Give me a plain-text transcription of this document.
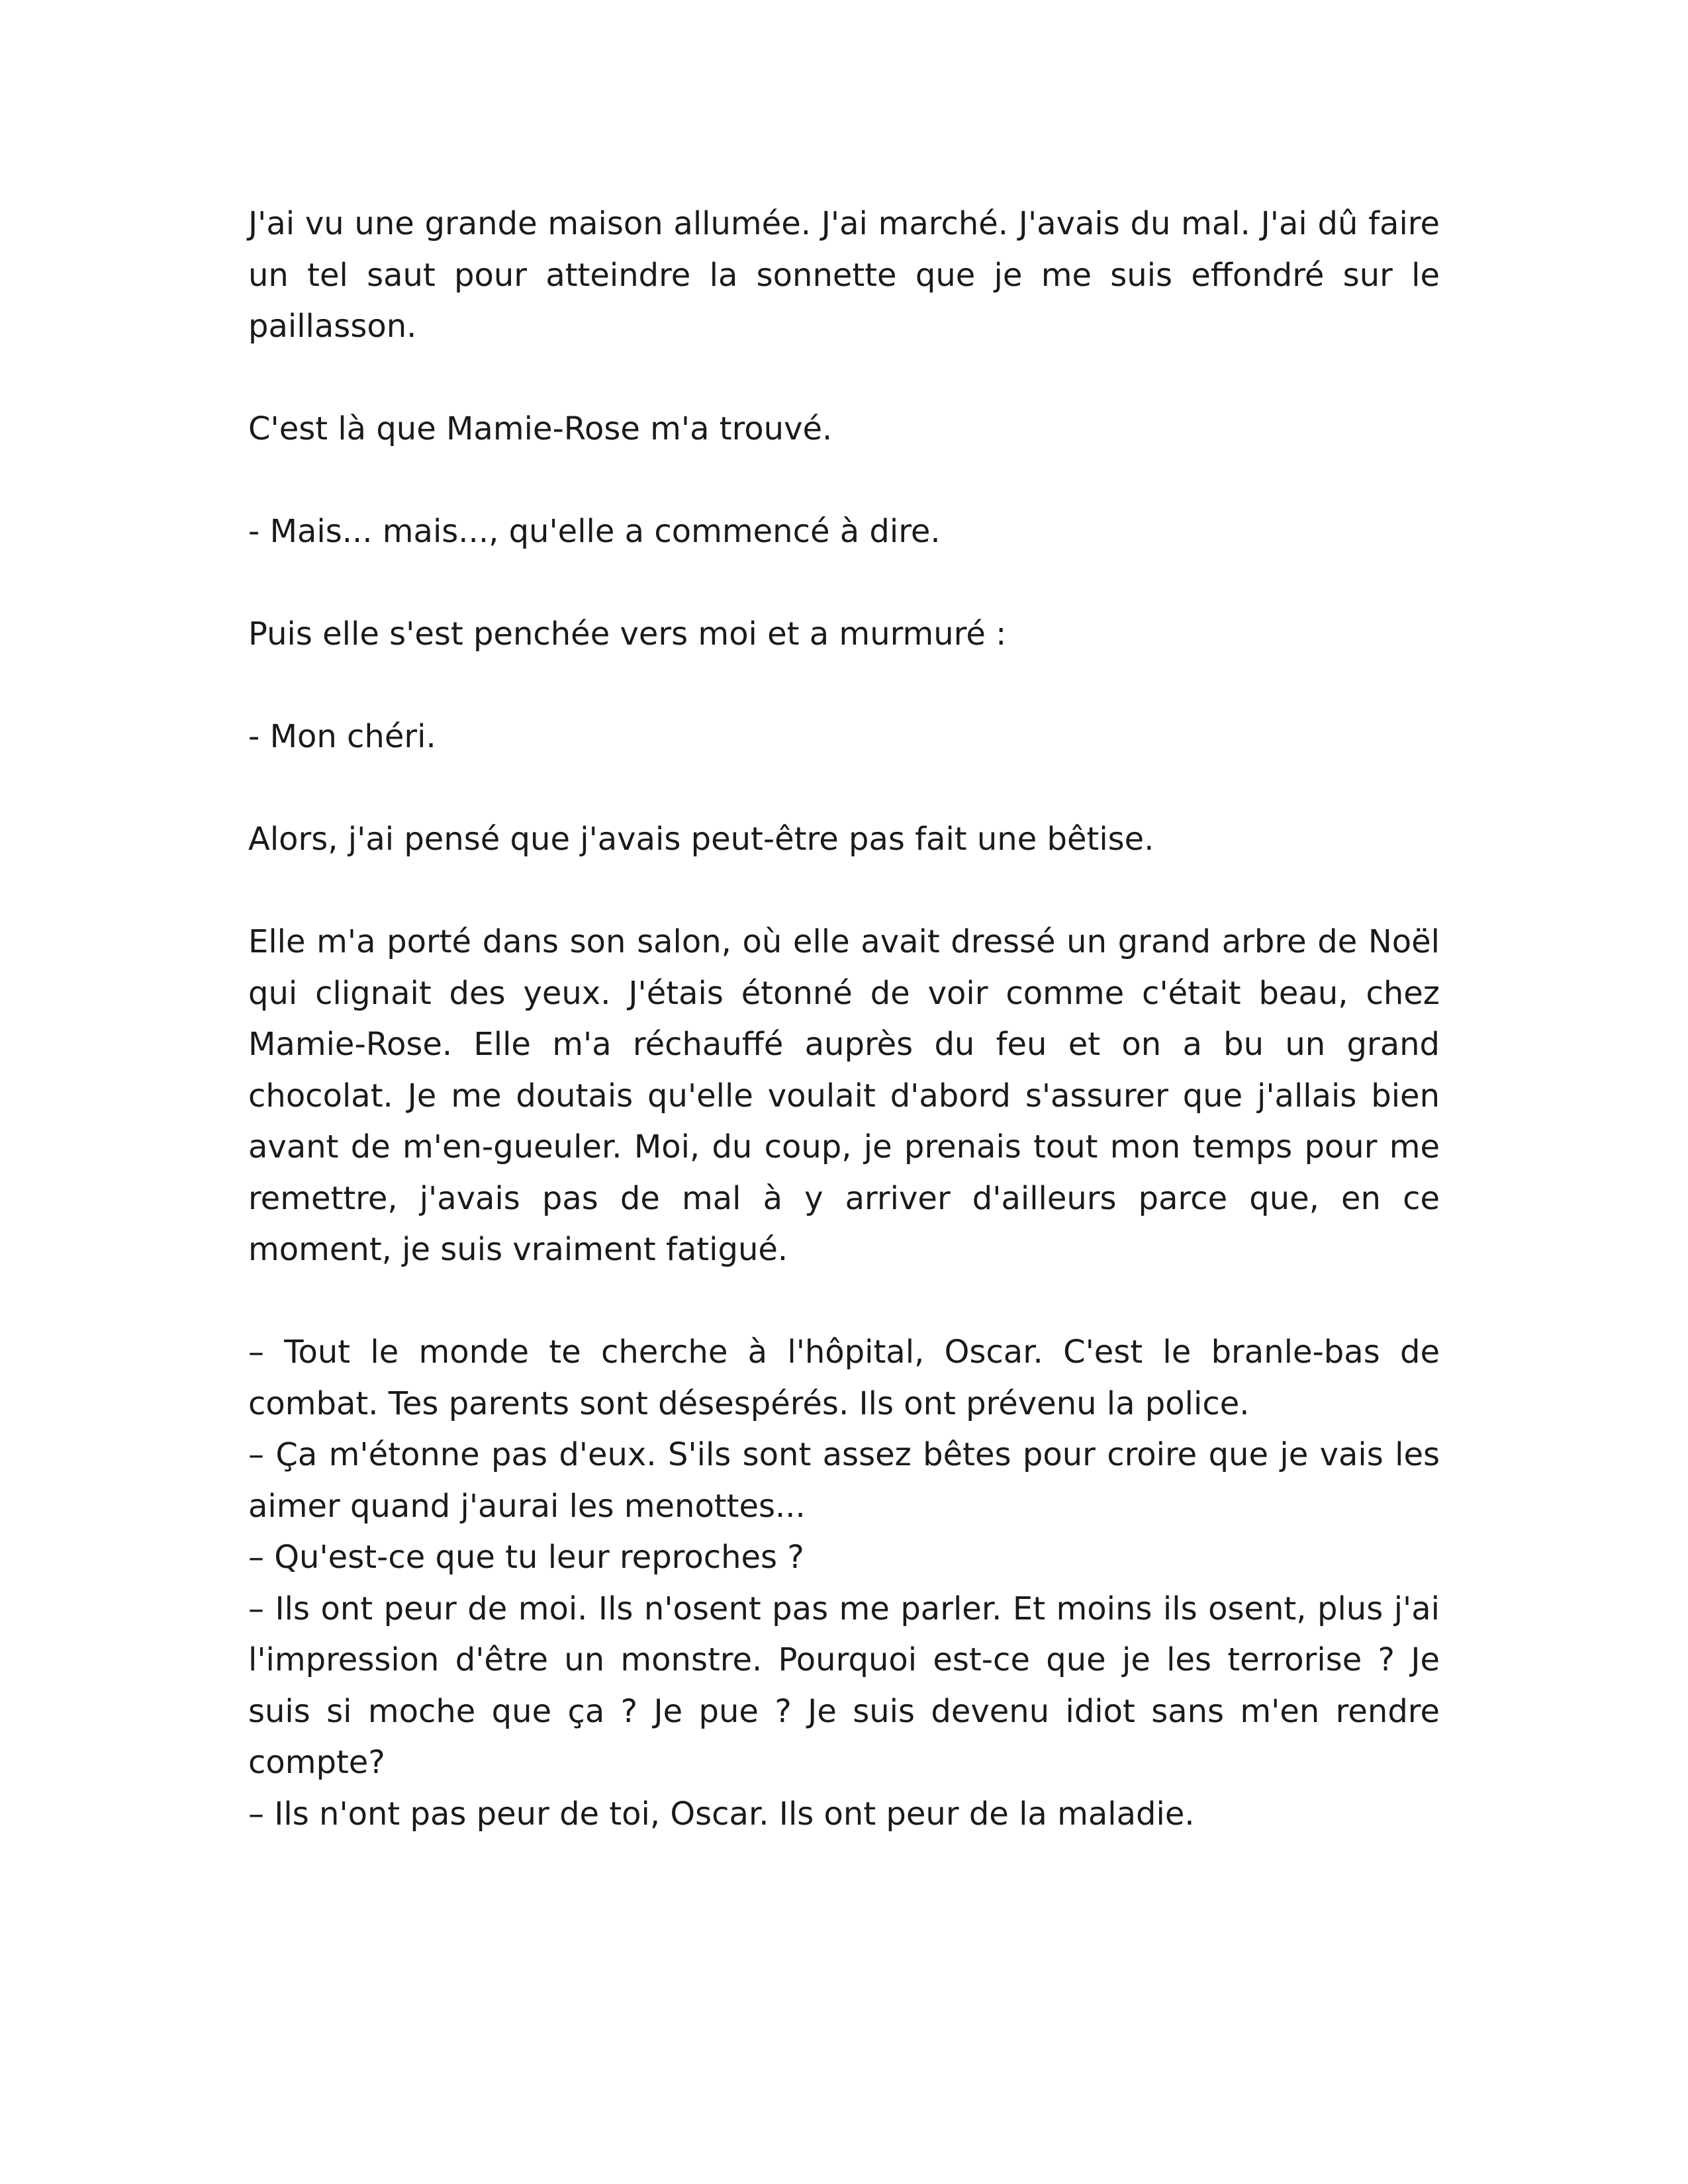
J'ai vu une grande maison allumée. J'ai marché. J'avais du mal. J'ai dû faire un tel saut pour atteindre la sonnette que je me suis effondré sur le paillasson.

C'est là que Mamie-Rose m'a trouvé.

- Mais... mais..., qu'elle a commencé à dire.

Puis elle s'est penchée vers moi et a murmuré :

- Mon chéri.

Alors, j'ai pensé que j'avais peut-être pas fait une bêtise.

Elle m'a porté dans son salon, où elle avait dressé un grand arbre de Noël qui clignait des yeux. J'étais étonné de voir comme c'était beau, chez Mamie-Rose. Elle m'a réchauffé auprès du feu et on a bu un grand chocolat. Je me doutais qu'elle voulait d'abord s'assurer que j'allais bien avant de m'en-gueuler. Moi, du coup, je prenais tout mon temps pour me remettre, j'avais pas de mal à y arriver d'ailleurs parce que, en ce moment, je suis vraiment fatigué.

– Tout le monde te cherche à l'hôpital, Oscar. C'est le branle-bas de combat. Tes parents sont désespérés. Ils ont prévenu la police.

– Ça m'étonne pas d'eux. S'ils sont assez bêtes pour croire que je vais les aimer quand j'aurai les menottes...

– Qu'est-ce que tu leur reproches ?

– Ils ont peur de moi. Ils n'osent pas me parler. Et moins ils osent, plus j'ai l'impression d'être un monstre. Pourquoi est-ce que je les terrorise ? Je suis si moche que ça ? Je pue ? Je suis devenu idiot sans m'en rendre compte?

– Ils n'ont pas peur de toi, Oscar. Ils ont peur de la maladie.
